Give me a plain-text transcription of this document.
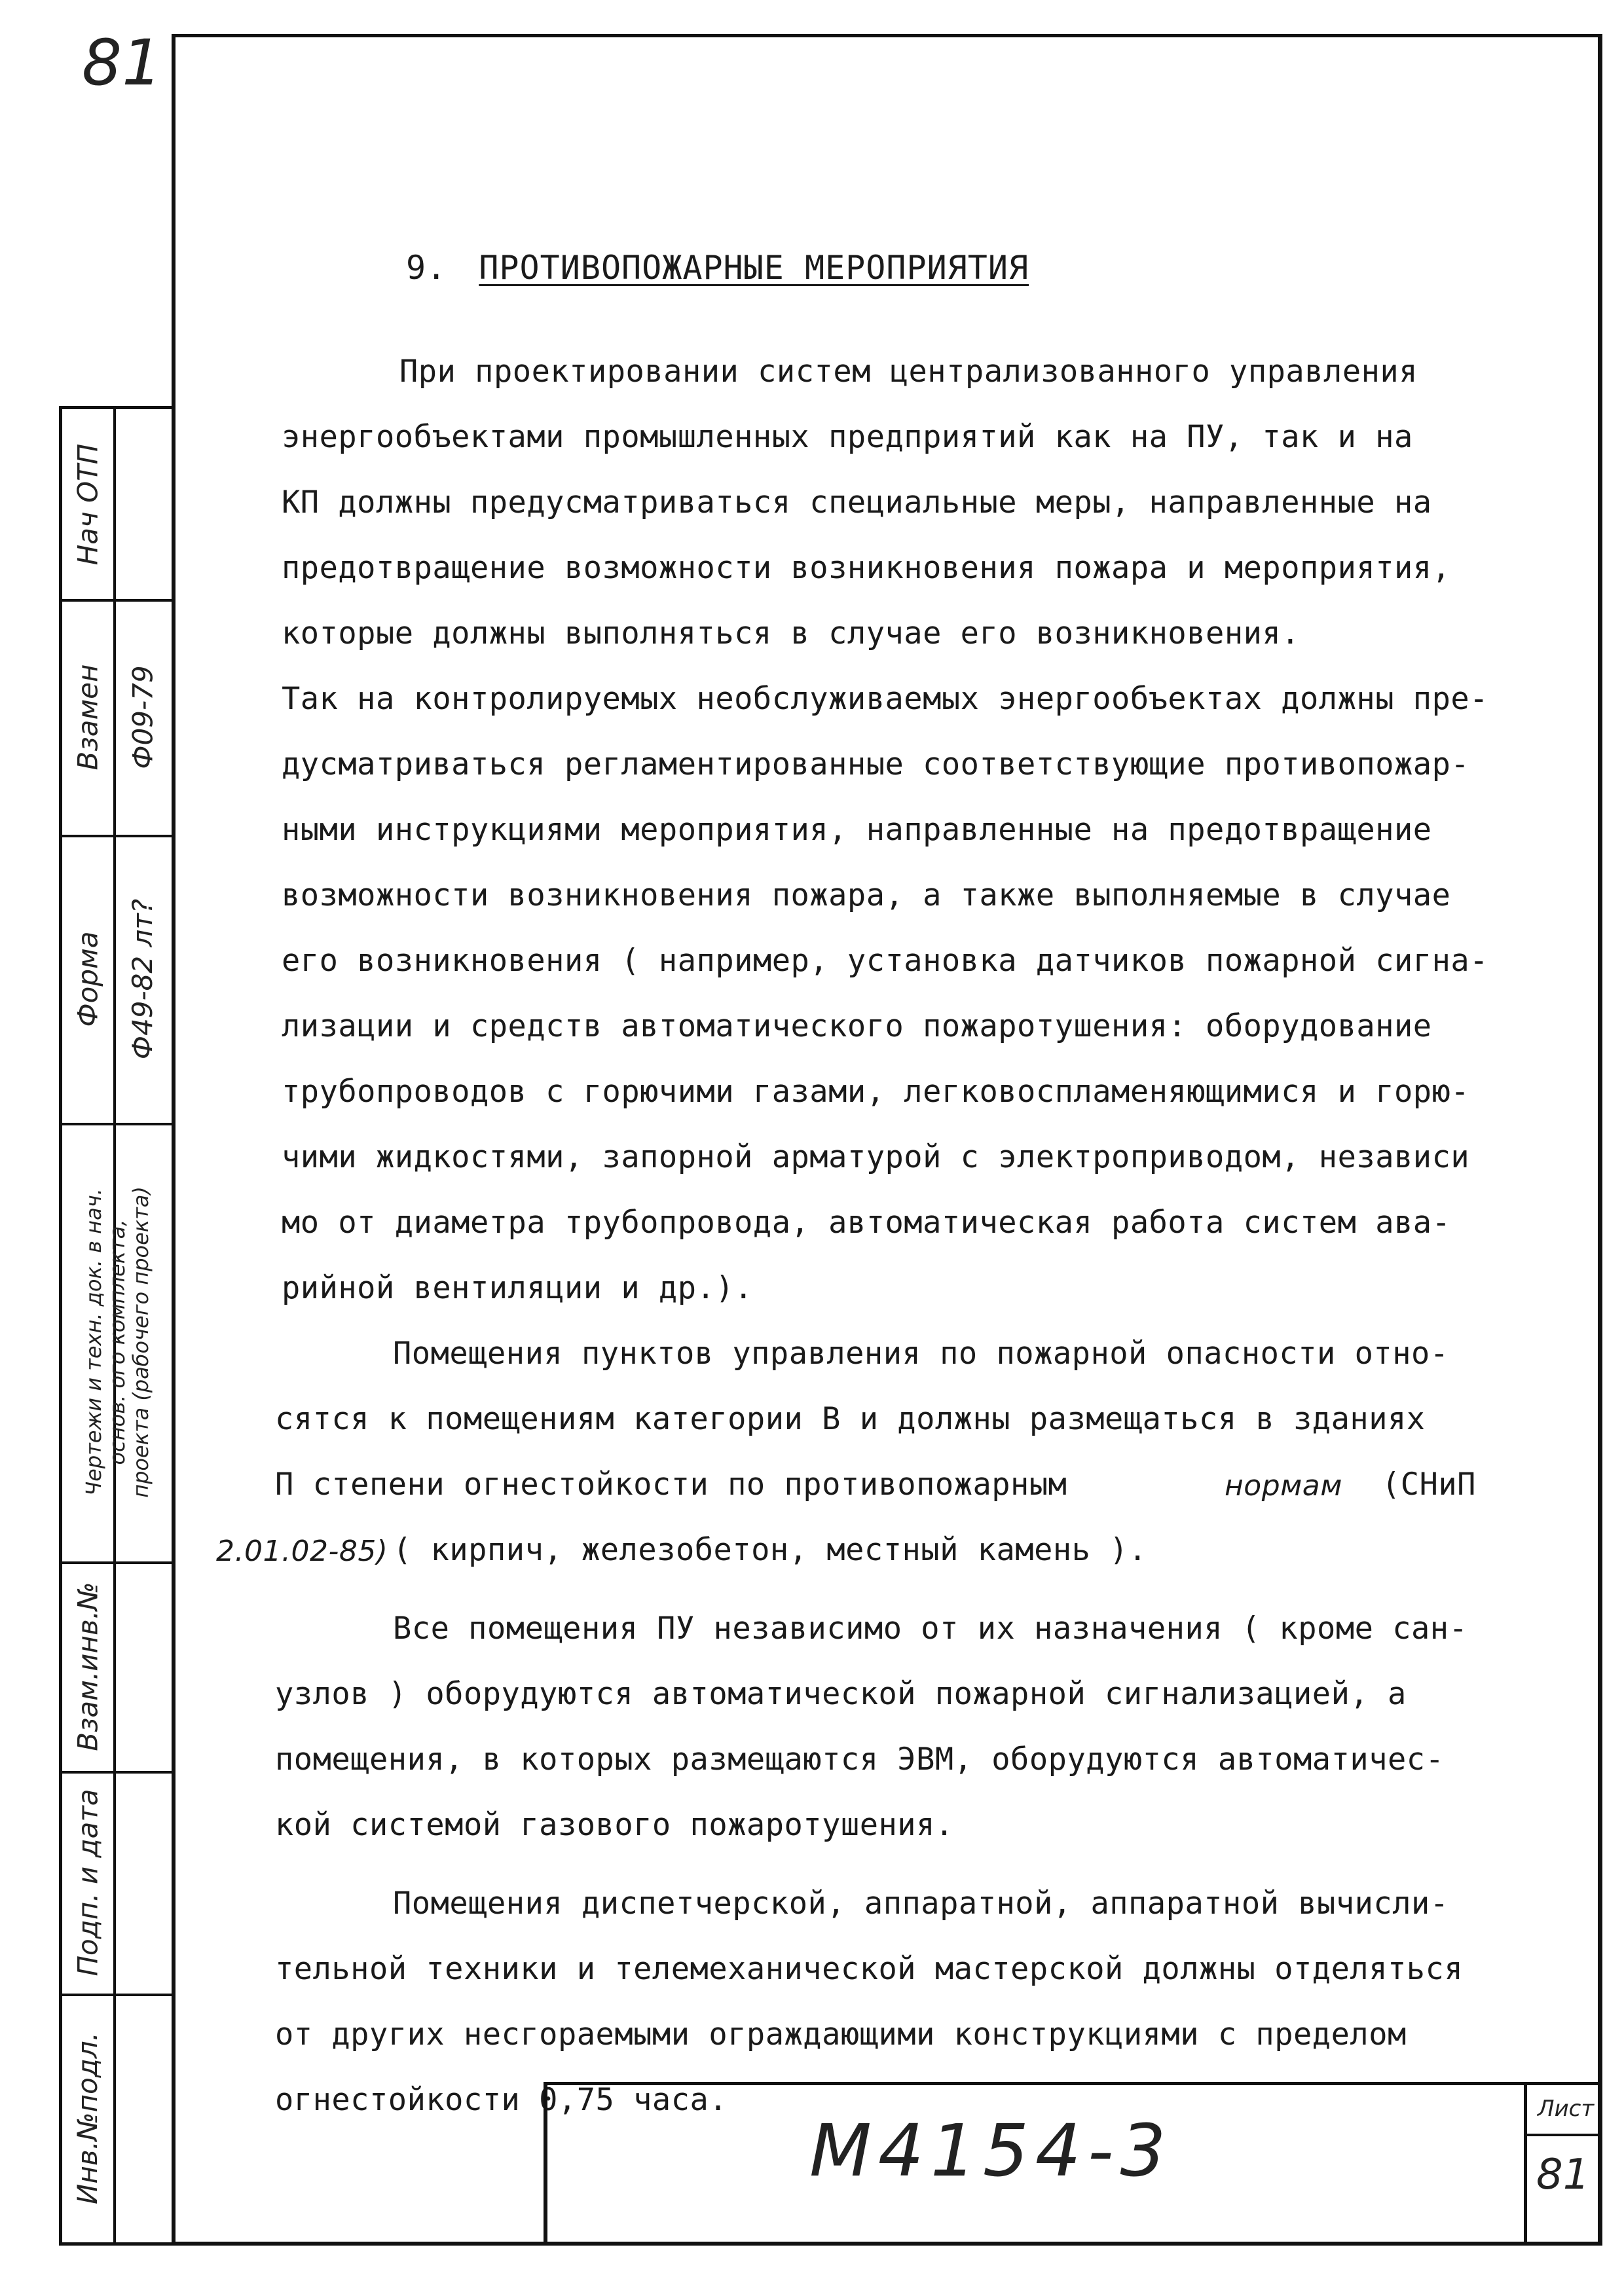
81
Нач ОТП
Взамен Ф09-79
Форма Ф49-82 лт?
Чертежи и техн. док. в нач.
основ. ого комплекта,
проекта (рабочего проекта)
Взам.инв.№
Подп. и дата
Инв.№подл.
9. ПРОТИВОПОЖАРНЫЕ МЕРОПРИЯТИЯ
При проектировании систем централизованного управления
энергообъектами промышленных предприятий как на ПУ, так и на
КП должны предусматриваться специальные меры, направленные на
предотвращение возможности возникновения пожара и мероприятия,
которые должны выполняться в случае его возникновения.
Так на контролируемых необслуживаемых энергообъектах должны пре-
дусматриваться регламентированные соответствующие противопожар-
ными инструкциями мероприятия, направленные на предотвращение
возможности возникновения пожара, а также выполняемые в случае
его возникновения ( например, установка датчиков пожарной сигна-
лизации и средств автоматического пожаротушения: оборудование
трубопроводов с горючими газами, легковоспламеняющимися и горю-
чими жидкостями, запорной арматурой с электроприводом, независи
мо от диаметра трубопровода, автоматическая работа систем ава-
рийной вентиляции и др.).
Помещения пунктов управления по пожарной опасности отно-
сятся к помещениям категории В и должны размещаться в зданиях
П степени огнестойкости по противопожарным	нормам (СНиП
2.01.02-85) ( кирпич, железобетон, местный камень ).
Все помещения ПУ независимо от их назначения ( кроме сан-
узлов ) оборудуются автоматической пожарной сигнализацией, а
помещения, в которых размещаются ЭВМ, оборудуются автоматичес-
кой системой газового пожаротушения.
Помещения диспетчерской, аппаратной, аппаратной вычисли-
тельной техники и телемеханической мастерской должны отделяться
от других несгораемыми ограждающими конструкциями с пределом
огнестойкости 0,75 часа.
М4154-3	Лист
81
